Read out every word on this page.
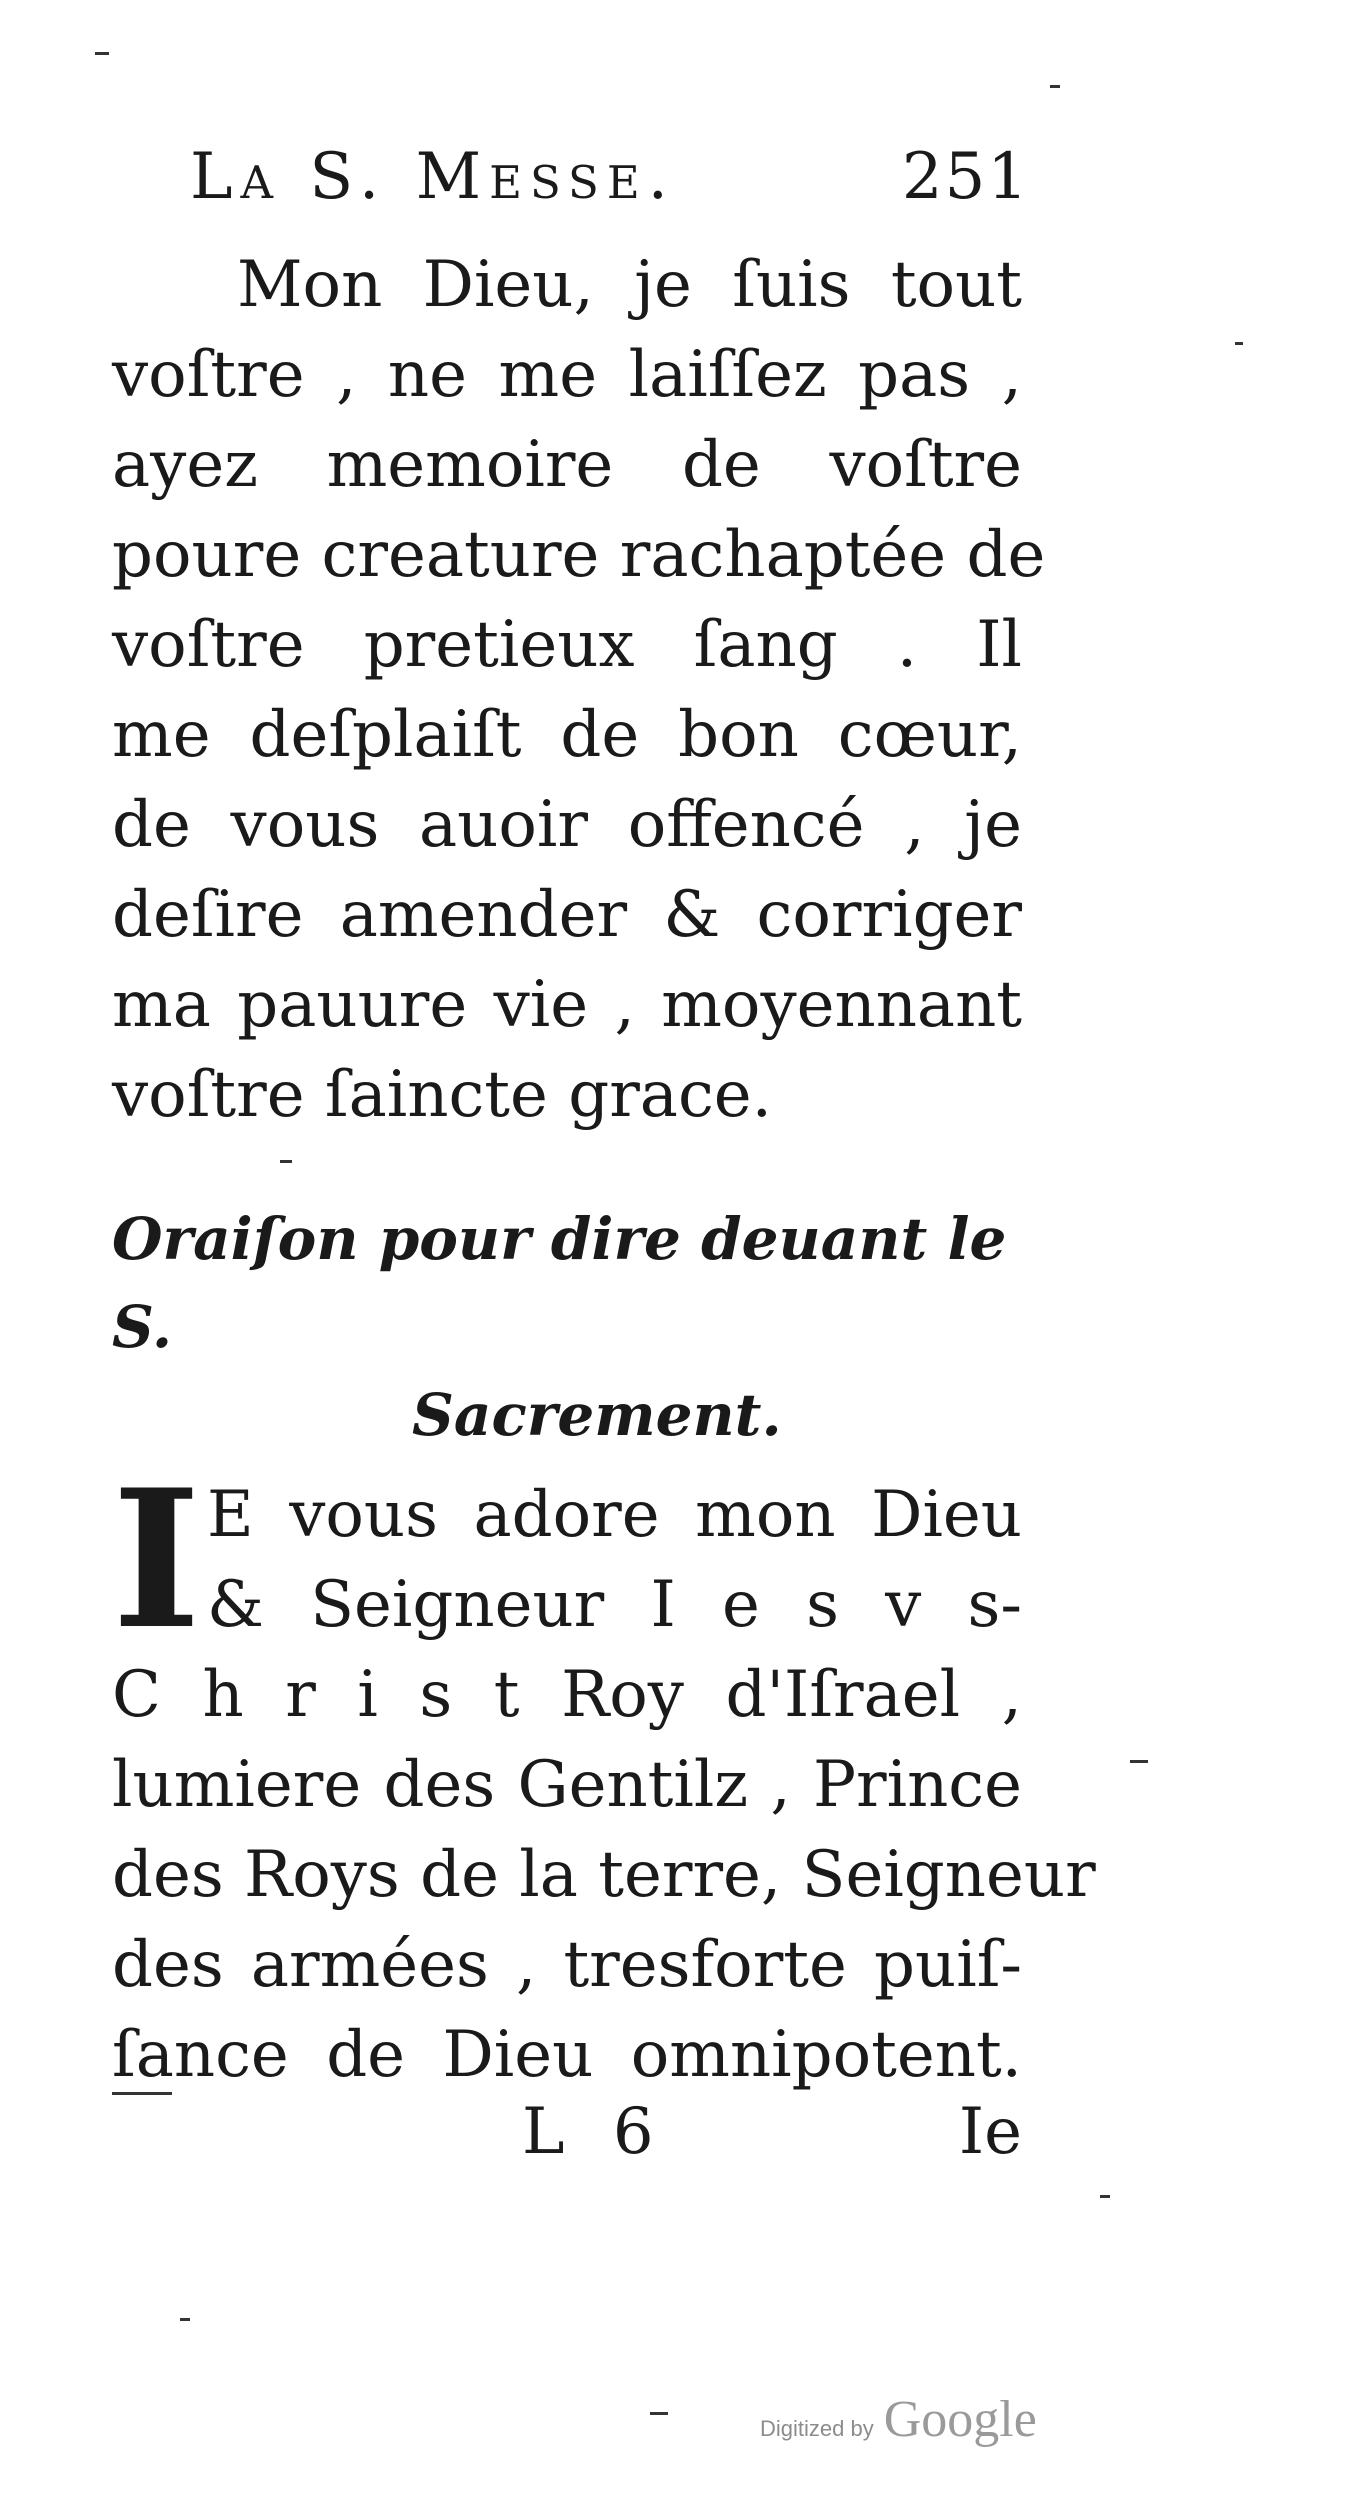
La S. Messe.	251
Mon Dieu, je ſuis tout
voſtre , ne me laiſſez pas ,
ayez memoire de voſtre
poure creature rachaptée de
voſtre pretieux ſang . Il
me deſplaiſt de bon cœur,
de vous auoir offencé , je
deſire amender & corriger
ma pauure vie , moyennant
voſtre ſaincte grace.
Oraiſon pour dire deuant le S.
Sacrement.
I E vous adore mon Dieu
& Seigneur I e s v s-
C h r i s t Roy d'Iſrael ,
lumiere des Gentilz , Prince
des Roys de la terre, Seigneur
des armées , tresforte puiſ-
ſance de Dieu omnipotent.
L 6	Ie
Digitized by Google
